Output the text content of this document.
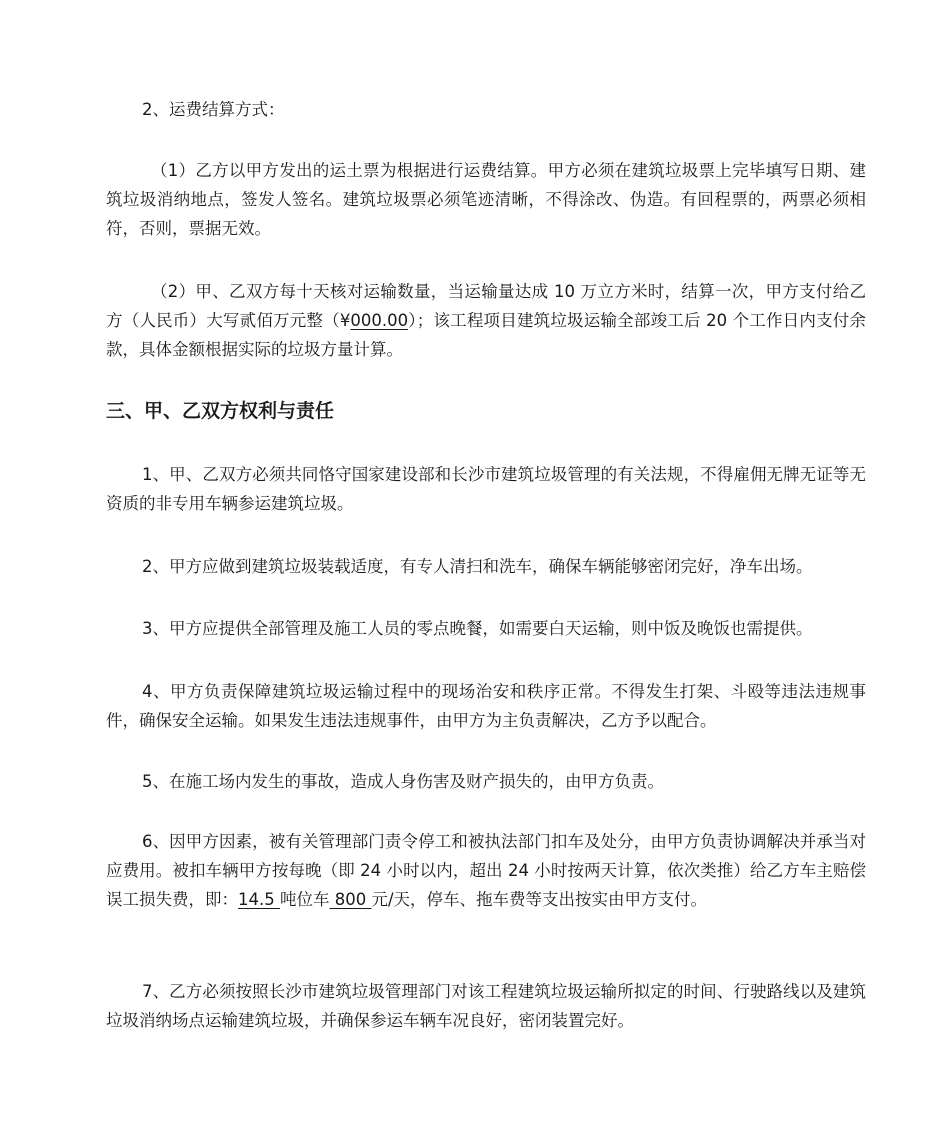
2、运费结算方式：

（1）乙方以甲方发出的运土票为根据进行运费结算。甲方必须在建筑垃圾票上完毕填写日期、建筑垃圾消纳地点，签发人签名。建筑垃圾票必须笔迹清晰，不得涂改、伪造。有回程票的，两票必须相符，否则，票据无效。

（2）甲、乙双方每十天核对运输数量，当运输量达成 10 万立方米时，结算一次，甲方支付给乙方（人民币）大写贰佰万元整（¥000.00）；该工程项目建筑垃圾运输全部竣工后 20 个工作日内支付余款，具体金额根据实际的垃圾方量计算。

三、甲、乙双方权利与责任

1、甲、乙双方必须共同恪守国家建设部和长沙市建筑垃圾管理的有关法规，不得雇佣无牌无证等无资质的非专用车辆参运建筑垃圾。

2、甲方应做到建筑垃圾装载适度，有专人清扫和洗车，确保车辆能够密闭完好，净车出场。

3、甲方应提供全部管理及施工人员的零点晚餐，如需要白天运输，则中饭及晚饭也需提供。

4、甲方负责保障建筑垃圾运输过程中的现场治安和秩序正常。不得发生打架、斗殴等违法违规事件，确保安全运输。如果发生违法违规事件，由甲方为主负责解决，乙方予以配合。

5、在施工场内发生的事故，造成人身伤害及财产损失的，由甲方负责。

6、因甲方因素，被有关管理部门责令停工和被执法部门扣车及处分，由甲方负责协调解决并承当对应费用。被扣车辆甲方按每晚（即 24 小时以内，超出 24 小时按两天计算，依次类推）给乙方车主赔偿误工损失费，即：14.5 吨位车 800 元/天，停车、拖车费等支出按实由甲方支付。

7、乙方必须按照长沙市建筑垃圾管理部门对该工程建筑垃圾运输所拟定的时间、行驶路线以及建筑垃圾消纳场点运输建筑垃圾，并确保参运车辆车况良好，密闭装置完好。
